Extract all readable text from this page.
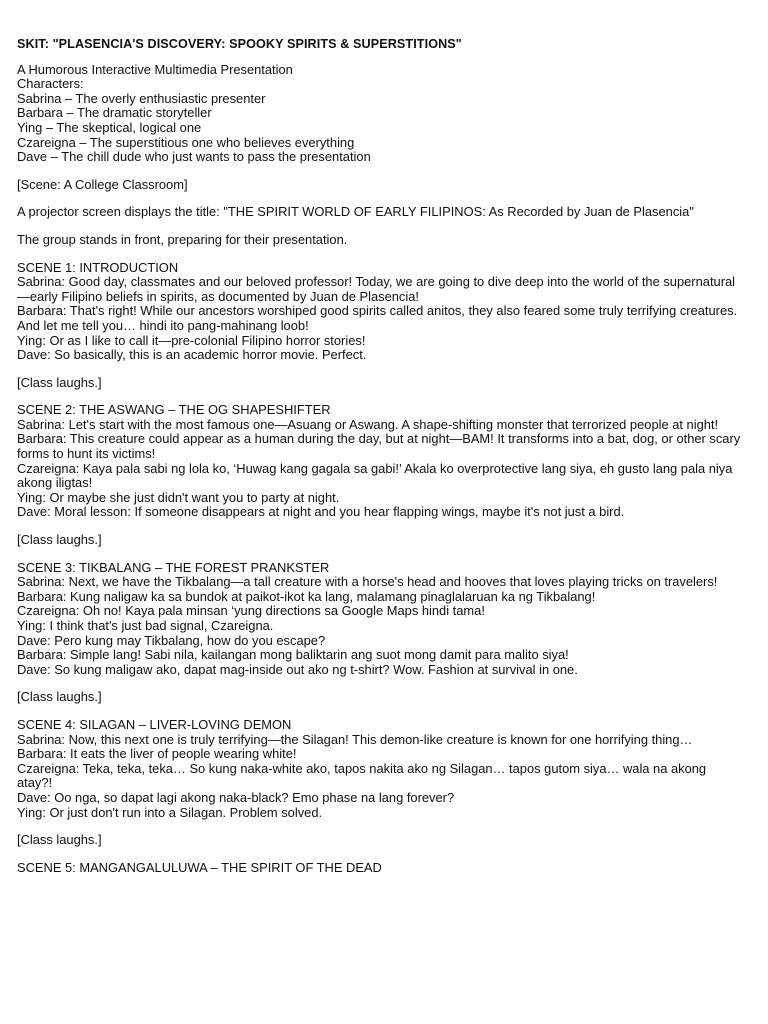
SKIT: "PLASENCIA'S DISCOVERY: SPOOKY SPIRITS & SUPERSTITIONS"
A Humorous Interactive Multimedia Presentation
Characters:
Sabrina – The overly enthusiastic presenter
Barbara – The dramatic storyteller
Ying – The skeptical, logical one
Czareigna – The superstitious one who believes everything
Dave – The chill dude who just wants to pass the presentation
[Scene: A College Classroom]
A projector screen displays the title: "THE SPIRIT WORLD OF EARLY FILIPINOS: As Recorded by Juan de Plasencia"
The group stands in front, preparing for their presentation.
SCENE 1: INTRODUCTION
Sabrina: Good day, classmates and our beloved professor! Today, we are going to dive deep into the world of the supernatural—early Filipino beliefs in spirits, as documented by Juan de Plasencia!
Barbara: That's right! While our ancestors worshiped good spirits called anitos, they also feared some truly terrifying creatures. And let me tell you… hindi ito pang-mahinang loob!
Ying: Or as I like to call it—pre-colonial Filipino horror stories!
Dave: So basically, this is an academic horror movie. Perfect.
[Class laughs.]
SCENE 2: THE ASWANG – THE OG SHAPESHIFTER
Sabrina: Let's start with the most famous one—Asuang or Aswang. A shape-shifting monster that terrorized people at night!
Barbara: This creature could appear as a human during the day, but at night—BAM! It transforms into a bat, dog, or other scary forms to hunt its victims!
Czareigna: Kaya pala sabi ng lola ko, ‘Huwag kang gagala sa gabi!’ Akala ko overprotective lang siya, eh gusto lang pala niya akong iligtas!
Ying: Or maybe she just didn't want you to party at night.
Dave: Moral lesson: If someone disappears at night and you hear flapping wings, maybe it's not just a bird.
[Class laughs.]
SCENE 3: TIKBALANG – THE FOREST PRANKSTER
Sabrina: Next, we have the Tikbalang—a tall creature with a horse's head and hooves that loves playing tricks on travelers!
Barbara: Kung naligaw ka sa bundok at paikot-ikot ka lang, malamang pinaglalaruan ka ng Tikbalang!
Czareigna: Oh no! Kaya pala minsan ‘yung directions sa Google Maps hindi tama!
Ying: I think that's just bad signal, Czareigna.
Dave: Pero kung may Tikbalang, how do you escape?
Barbara: Simple lang! Sabi nila, kailangan mong baliktarin ang suot mong damit para malito siya!
Dave: So kung maligaw ako, dapat mag-inside out ako ng t-shirt? Wow. Fashion at survival in one.
[Class laughs.]
SCENE 4: SILAGAN – LIVER-LOVING DEMON
Sabrina: Now, this next one is truly terrifying—the Silagan! This demon-like creature is known for one horrifying thing…
Barbara: It eats the liver of people wearing white!
Czareigna: Teka, teka, teka… So kung naka-white ako, tapos nakita ako ng Silagan… tapos gutom siya… wala na akong atay?!
Dave: Oo nga, so dapat lagi akong naka-black? Emo phase na lang forever?
Ying: Or just don't run into a Silagan. Problem solved.
[Class laughs.]
SCENE 5: MANGANGALULUWA – THE SPIRIT OF THE DEAD
